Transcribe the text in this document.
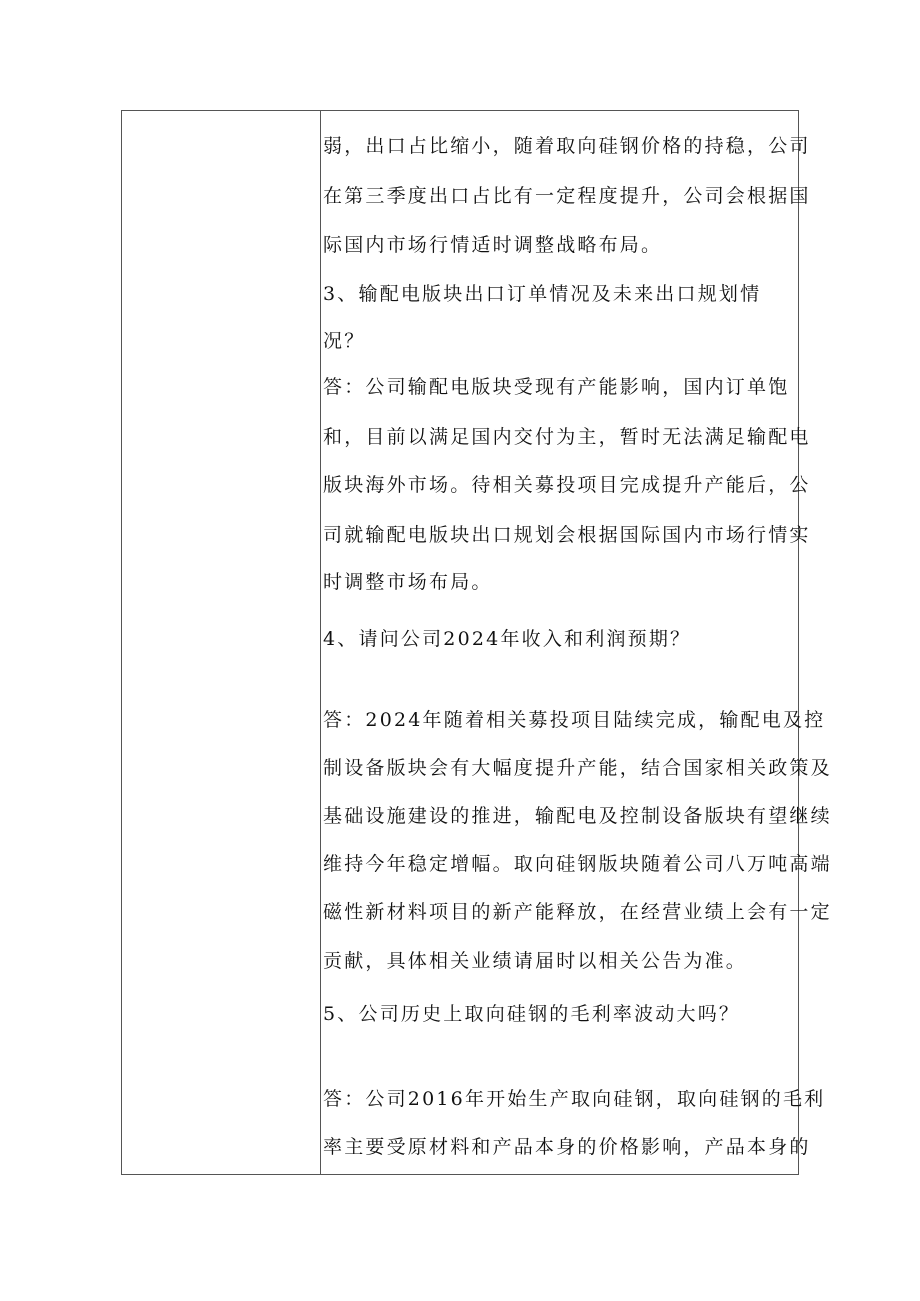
弱，出口占比缩小，随着取向硅钢价格的持稳，公司
在第三季度出口占比有一定程度提升，公司会根据国
际国内市场行情适时调整战略布局。
3、输配电版块出口订单情况及未来出口规划情
况？
答：公司输配电版块受现有产能影响，国内订单饱
和，目前以满足国内交付为主，暂时无法满足输配电
版块海外市场。待相关募投项目完成提升产能后，公
司就输配电版块出口规划会根据国际国内市场行情实
时调整市场布局。
4、请问公司2024年收入和利润预期？
答：2024年随着相关募投项目陆续完成，输配电及控
制设备版块会有大幅度提升产能，结合国家相关政策及
基础设施建设的推进，输配电及控制设备版块有望继续
维持今年稳定增幅。取向硅钢版块随着公司八万吨高端
磁性新材料项目的新产能释放，在经营业绩上会有一定
贡献，具体相关业绩请届时以相关公告为准。
5、公司历史上取向硅钢的毛利率波动大吗？
答：公司2016年开始生产取向硅钢，取向硅钢的毛利
率主要受原材料和产品本身的价格影响，产品本身的
